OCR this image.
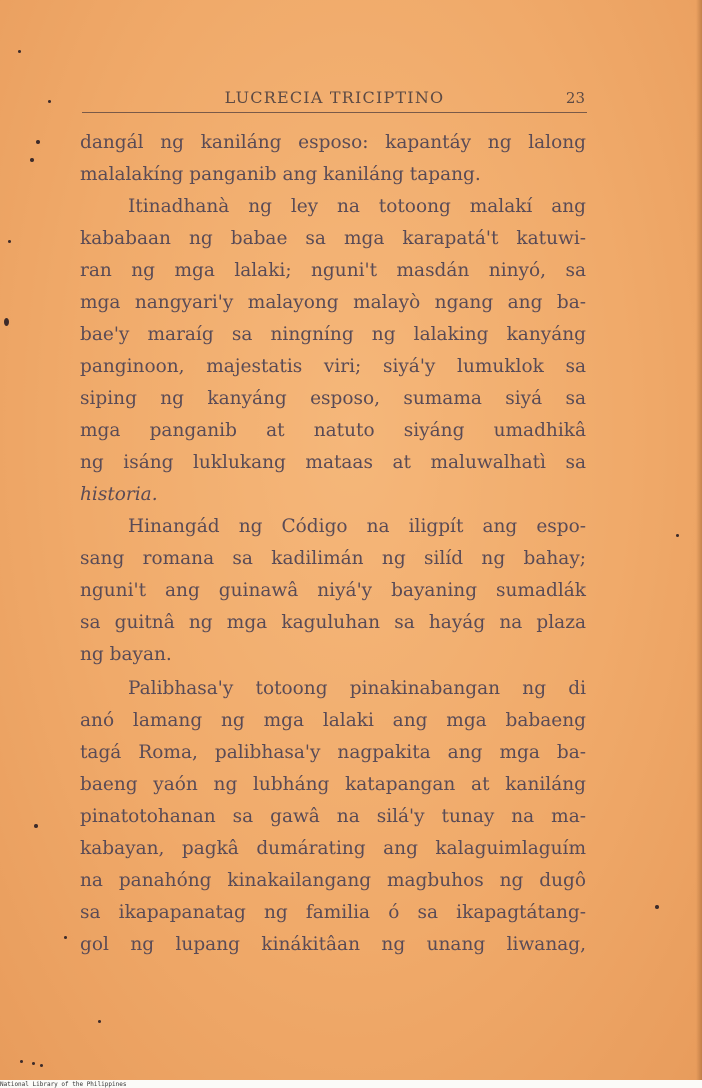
LUCRECIA TRICIPTINO	23
dangál ng kaniláng esposo: kapantáy ng lalong
malalakíng panganib ang kaniláng tapang.
Itinadhanà ng ley na totoong malakí ang
kababaan ng babae sa mga karapatá't katuwi-
ran ng mga lalaki; nguni't masdán ninyó, sa
mga nangyari'y malayong malayò ngang ang ba-
bae'y maraíg sa ningníng ng lalaking kanyáng
panginoon, majestatis viri; siyá'y lumuklok sa
siping ng kanyáng esposo, sumama siyá sa
mga panganib at natuto siyáng umadhikâ
ng isáng luklukang mataas at maluwalhatì sa
historia.
Hinangád ng Código na iligpít ang espo-
sang romana sa kadilimán ng silíd ng bahay;
nguni't ang guinawâ niyá'y bayaning sumadlák
sa guitnâ ng mga kaguluhan sa hayág na plaza
ng bayan.
Palibhasa'y totoong pinakinabangan ng di
anó lamang ng mga lalaki ang mga babaeng
tagá Roma, palibhasa'y nagpakita ang mga ba-
baeng yaón ng lubháng katapangan at kaniláng
pinatotohanan sa gawâ na silá'y tunay na ma-
kabayan, pagkâ dumárating ang kalaguimlaguím
na panahóng kinakailangang magbuhos ng dugô
sa ikapapanatag ng familia ó sa ikapagtátang-
gol ng lupang kinákitâan ng unang liwanag,
National Library of the Philippines
